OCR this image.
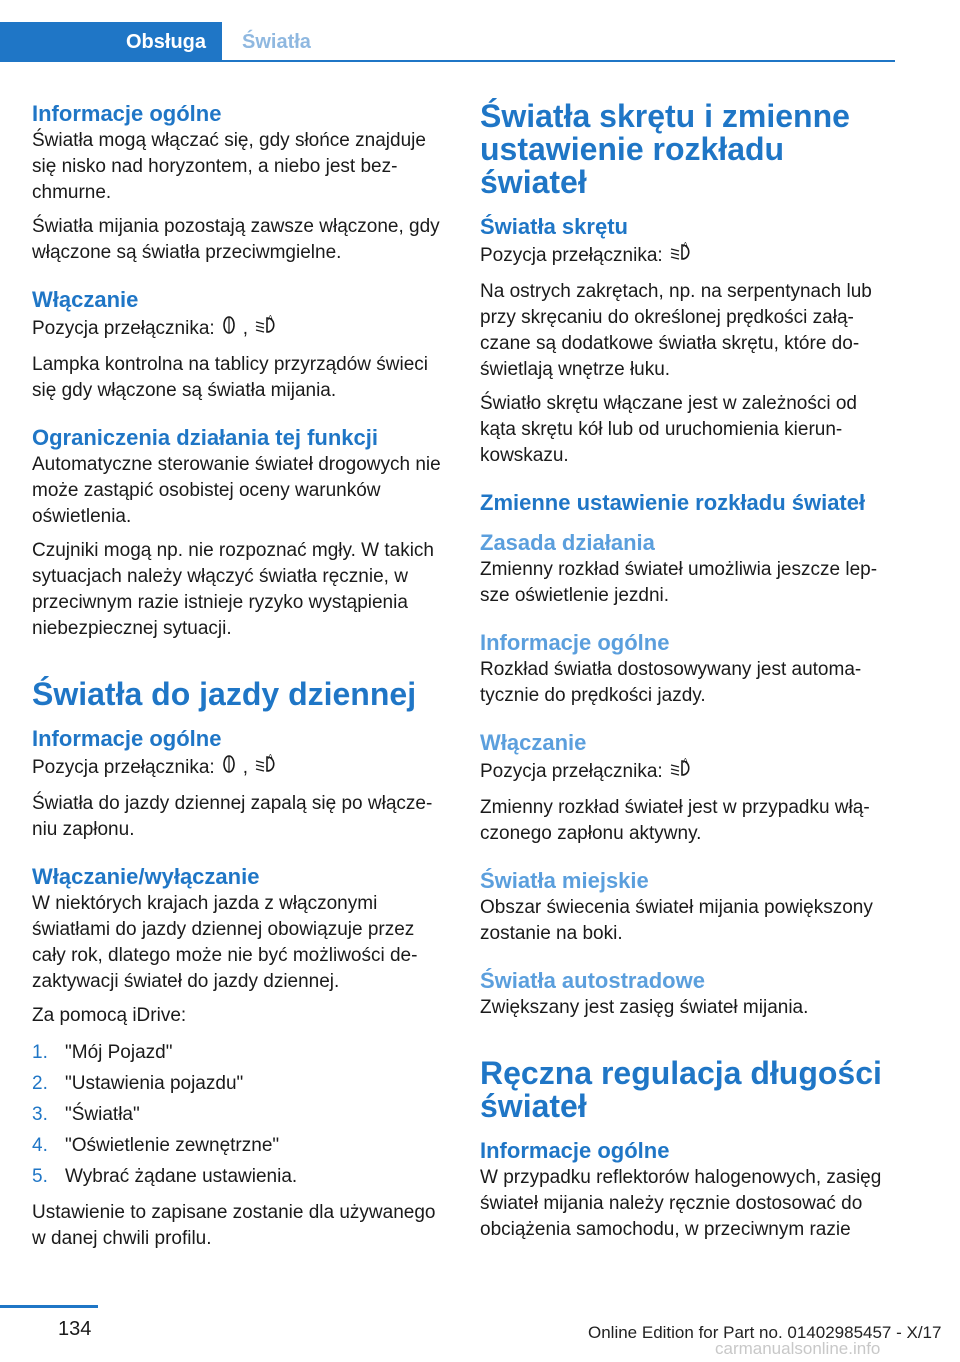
Obsługa	Światła
Informacje ogólne

Światła mogą włączać się, gdy słońce znajduje się nisko nad horyzontem, a niebo jest bezchmurne.

Światła mijania pozostają zawsze włączone, gdy włączone są światła przeciwmgielne.

Włączanie

Pozycja przełącznika: ,
A

Lampka kontrolna na tablicy przyrządów świeci się gdy włączone są światła mijania.

Ograniczenia działania tej funkcji

Automatyczne sterowanie świateł drogowych nie może zastąpić osobistej oceny warunków oświetlenia.

Czujniki mogą np. nie rozpoznać mgły. W takich sytuacjach należy włączyć światła ręcznie, w przeciwnym razie istnieje ryzyko wystąpienia niebezpiecznej sytuacji.

Światła do jazdy dziennej
Informacje ogólne

Pozycja przełącznika: ,
A

Światła do jazdy dziennej zapalą się po włączeniu zapłonu.

Włączanie/wyłączanie

W niektórych krajach jazda z włączonymi światłami do jazdy dziennej obowiązuje przez cały rok, dlatego może nie być możliwości dezaktywacji świateł do jazdy dziennej.

Za pomocą iDrive:

1. "Mój Pojazd"
2. "Ustawienia pojazdu"
3. "Światła"
4. "Oświetlenie zewnętrzne"
5. Wybrać żądane ustawienia.

Ustawienie to zapisane zostanie dla używanego w danej chwili profilu.

Światła skrętu i zmienne ustawienie rozkładu świateł
Światła skrętu

Pozycja przełącznika:
A

Na ostrych zakrętach, np. na serpentynach lub przy skręcaniu do określonej prędkości załączane są dodatkowe światła skrętu, które doświetlają wnętrze łuku.

Światło skrętu włączane jest w zależności od kąta skrętu kół lub od uruchomienia kierunkowskazu.

Zmienne ustawienie rozkładu świateł
Zasada działania

Zmienny rozkład świateł umożliwia jeszcze lepsze oświetlenie jezdni.

Informacje ogólne

Rozkład światła dostosowywany jest automatycznie do prędkości jazdy.

Włączanie

Pozycja przełącznika:
A

Zmienny rozkład świateł jest w przypadku włączonego zapłonu aktywny.

Światła miejskie

Obszar świecenia świateł mijania powiększony zostanie na boki.

Światła autostradowe

Zwiększany jest zasięg świateł mijania.

Ręczna regulacja długości świateł
Informacje ogólne

W przypadku reflektorów halogenowych, zasięg świateł mijania należy ręcznie dostosować do obciążenia samochodu, w przeciwnym razie

134	Online Edition for Part no. 01402985457 - X/17
carmanualsonline.info
